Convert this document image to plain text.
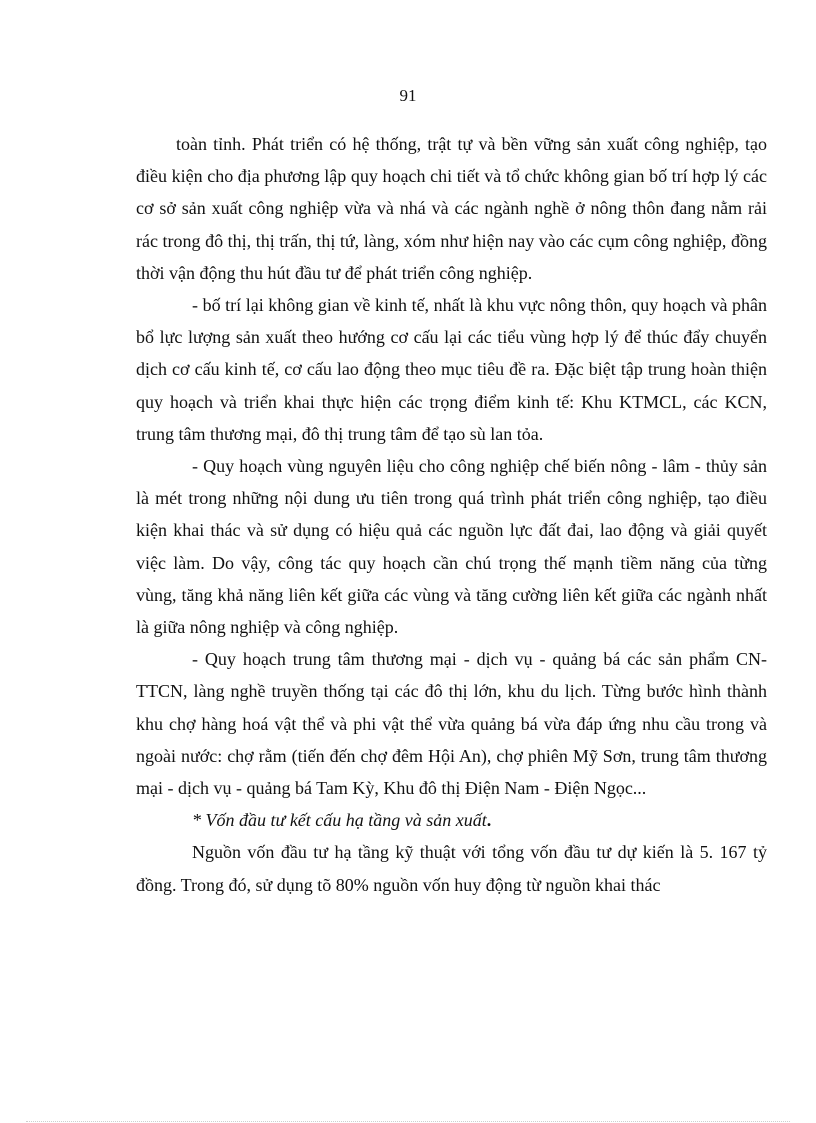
91

toàn tỉnh. Phát triển có hệ thống, trật tự và bền vững sản xuất công nghiệp, tạo điều kiện cho địa phương lập quy hoạch chi tiết và tổ chức không gian bố trí hợp lý các cơ sở sản xuất công nghiệp vừa và nhá và các ngành nghề ở nông thôn đang nằm rải rác trong đô thị, thị trấn, thị tứ, làng, xóm như hiện nay vào các cụm công nghiệp, đồng thời vận động thu hút đầu tư để phát triển công nghiệp.

- bố trí lại không gian về kinh tế, nhất là khu vực nông thôn, quy hoạch và phân bổ lực lượng sản xuất theo hướng cơ cấu lại các tiểu vùng hợp lý để thúc đẩy chuyển dịch cơ cấu kinh tế, cơ cấu lao động theo mục tiêu đề ra. Đặc biệt tập trung hoàn thiện quy hoạch và triển khai thực hiện các trọng điểm kinh tế: Khu KTMCL, các KCN, trung tâm thương mại, đô thị trung tâm để tạo sù lan tỏa.

- Quy hoạch vùng nguyên liệu cho công nghiệp chế biến nông - lâm - thủy sản là mét trong những nội dung ưu tiên trong quá trình phát triển công nghiệp, tạo điều kiện khai thác và sử dụng có hiệu quả các nguồn lực đất đai, lao động và giải quyết việc làm. Do vậy, công tác quy hoạch cần chú trọng thế mạnh tiềm năng của từng vùng, tăng khả năng liên kết giữa các vùng và tăng cường liên kết giữa các ngành nhất là giữa nông nghiệp và công nghiệp.

- Quy hoạch trung tâm thương mại - dịch vụ - quảng bá các sản phẩm CN-TTCN, làng nghề truyền thống tại các đô thị lớn, khu du lịch. Từng bước hình thành khu chợ hàng hoá vật thể và phi vật thể vừa quảng bá vừa đáp ứng nhu cầu trong và ngoài nước: chợ rằm (tiến đến chợ đêm Hội An), chợ phiên Mỹ Sơn, trung tâm thương mại - dịch vụ - quảng bá Tam Kỳ, Khu đô thị Điện Nam - Điện Ngọc...

* Vốn đầu tư kết cấu hạ tầng và sản xuất.

Nguồn vốn đầu tư hạ tầng kỹ thuật với tổng vốn đầu tư dự kiến là 5. 167 tỷ đồng. Trong đó, sử dụng tõ 80% nguồn vốn huy động từ nguồn khai thác
